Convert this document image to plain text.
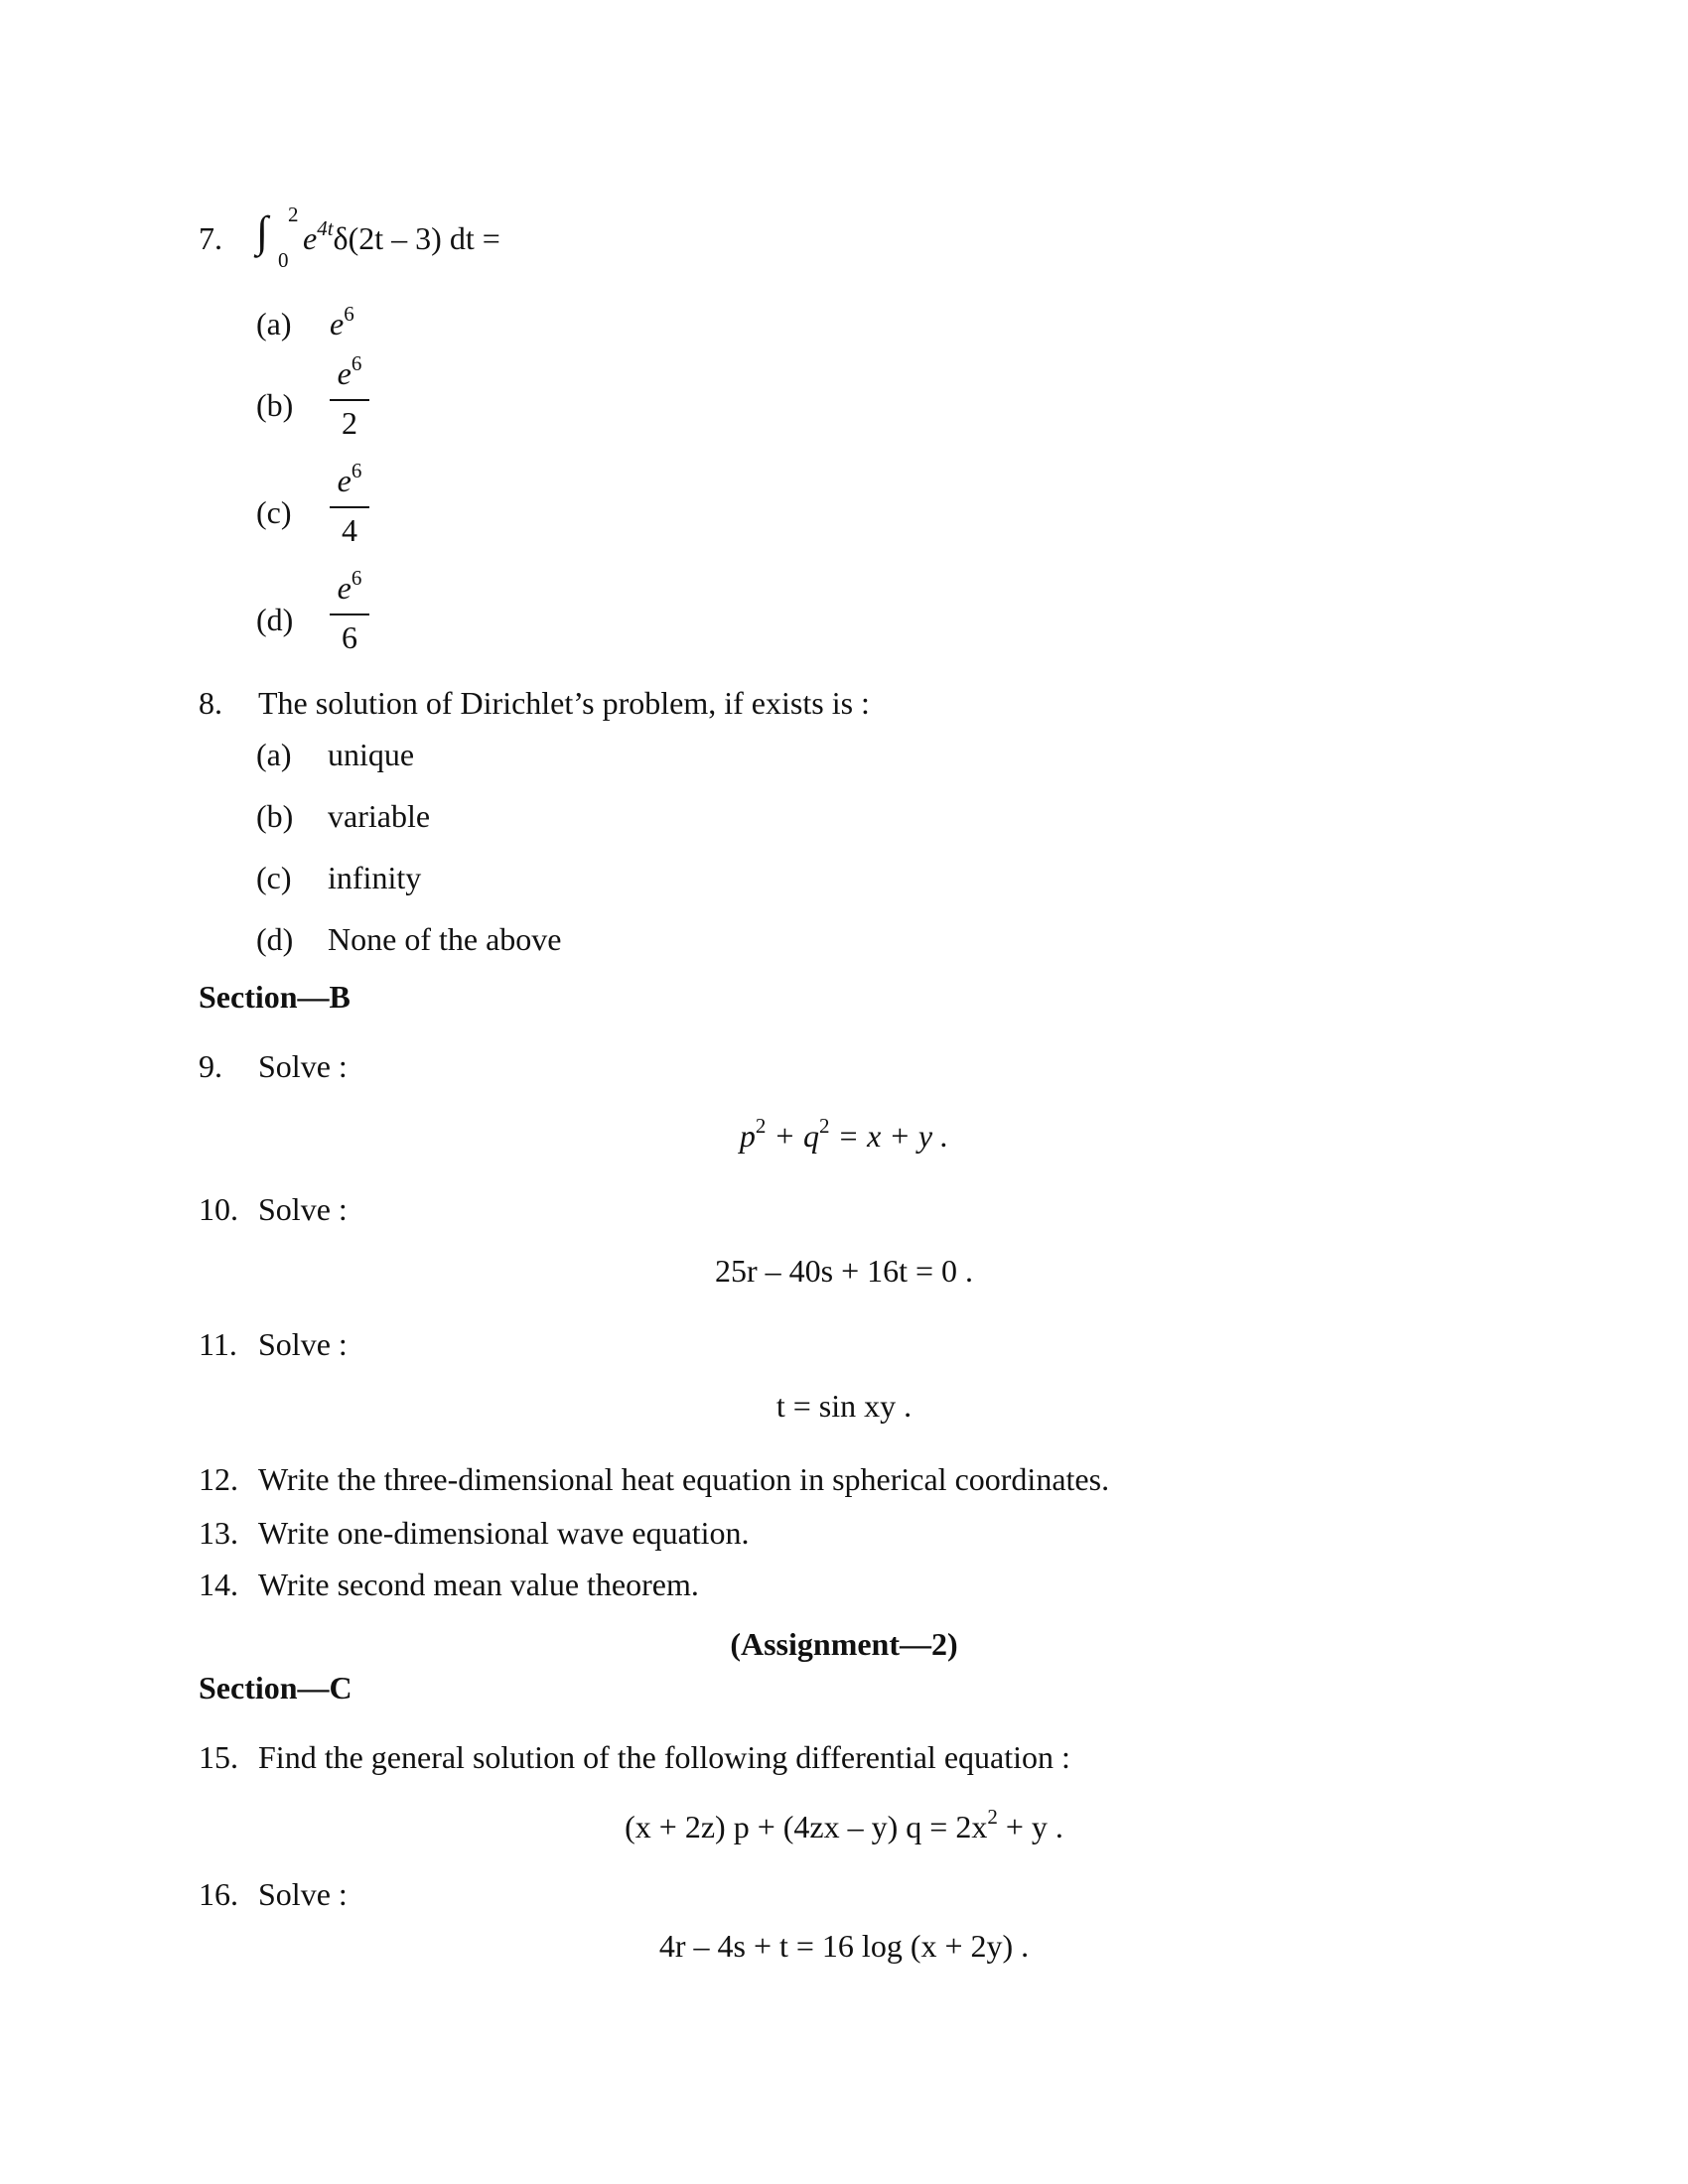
7. ∫ 2
0
$e^{4t}\delta(2t - 3)$ dt =
(a) $e^6$
(b)
$e^6$
2
(c)
$e^6$
4
(d)
$e^6$
6
8. The solution of Dirichlet’s problem, if exists is :
(a) unique
(b) variable
(c) infinity
(d) None of the above
Section—B
9. Solve :
$p^2 + q^2 = x + y$ .
10. Solve :
25r – 40s + 16t = 0 .
11. Solve :
t = sin xy .
12. Write the three-dimensional heat equation in spherical coordinates.
13. Write one-dimensional wave equation.
14. Write second mean value theorem.
(Assignment—2)
Section—C
15. Find the general solution of the following differential equation :
(x + 2z) p + (4zx – y) $q = 2x^2 + y$ .
16. Solve :
4r – 4s + t = 16 log (x + 2y) .
